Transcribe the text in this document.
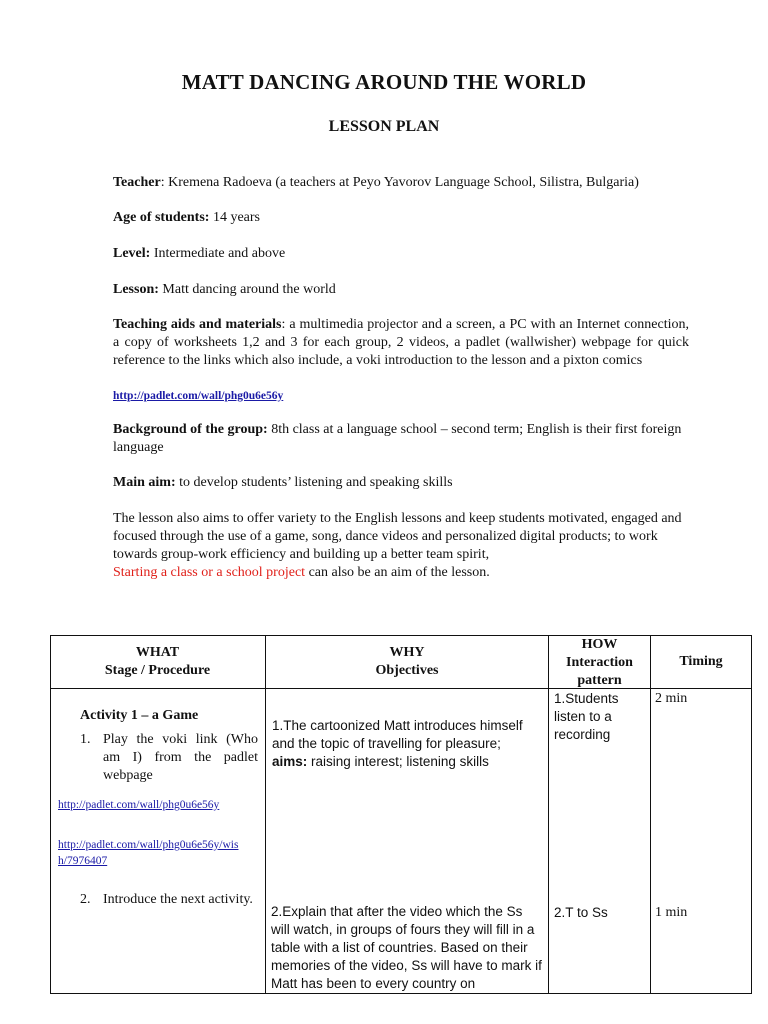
MATT DANCING AROUND THE WORLD
LESSON PLAN
Teacher: Kremena Radoeva (a teachers at Peyo Yavorov Language School, Silistra, Bulgaria)
Age of students: 14 years
Level: Intermediate and above
Lesson: Matt dancing around the world
Teaching aids and materials: a multimedia projector and a screen, a PC with an Internet connection, a copy of worksheets 1,2 and 3 for each group, 2 videos, a padlet (wallwisher) webpage for quick reference to the links which also include, a voki introduction to the lesson and a pixton comics
http://padlet.com/wall/phg0u6e56y
Background of the group: 8th class at a language school – second term; English is their first foreign language
Main aim: to develop students’ listening and speaking skills
The lesson also aims to offer variety to the English lessons and keep students motivated, engaged and focused through the use of a game, song, dance videos and personalized digital products; to work towards group-work efficiency and building up a better team spirit,
Starting a class or a school project can also be an aim of the lesson.
WHAT
Stage / Procedure
WHY
Objectives
HOW
Interaction
pattern
Timing
Activity 1 – a Game
1. Play the voki link (Who am I) from the padlet webpage
http://padlet.com/wall/phg0u6e56y
http://padlet.com/wall/phg0u6e56y/wis
h/7976407
2. Introduce the next activity.
1.The cartoonized Matt introduces himself and the topic of travelling for pleasure;
aims: raising interest; listening skills
2.Explain that after the video which the Ss will watch, in groups of fours they will fill in a table with a list of countries. Based on their memories of the video, Ss will have to mark if Matt has been to every country on
1.Students listen to a recording
2.T to Ss
2 min
1 min
